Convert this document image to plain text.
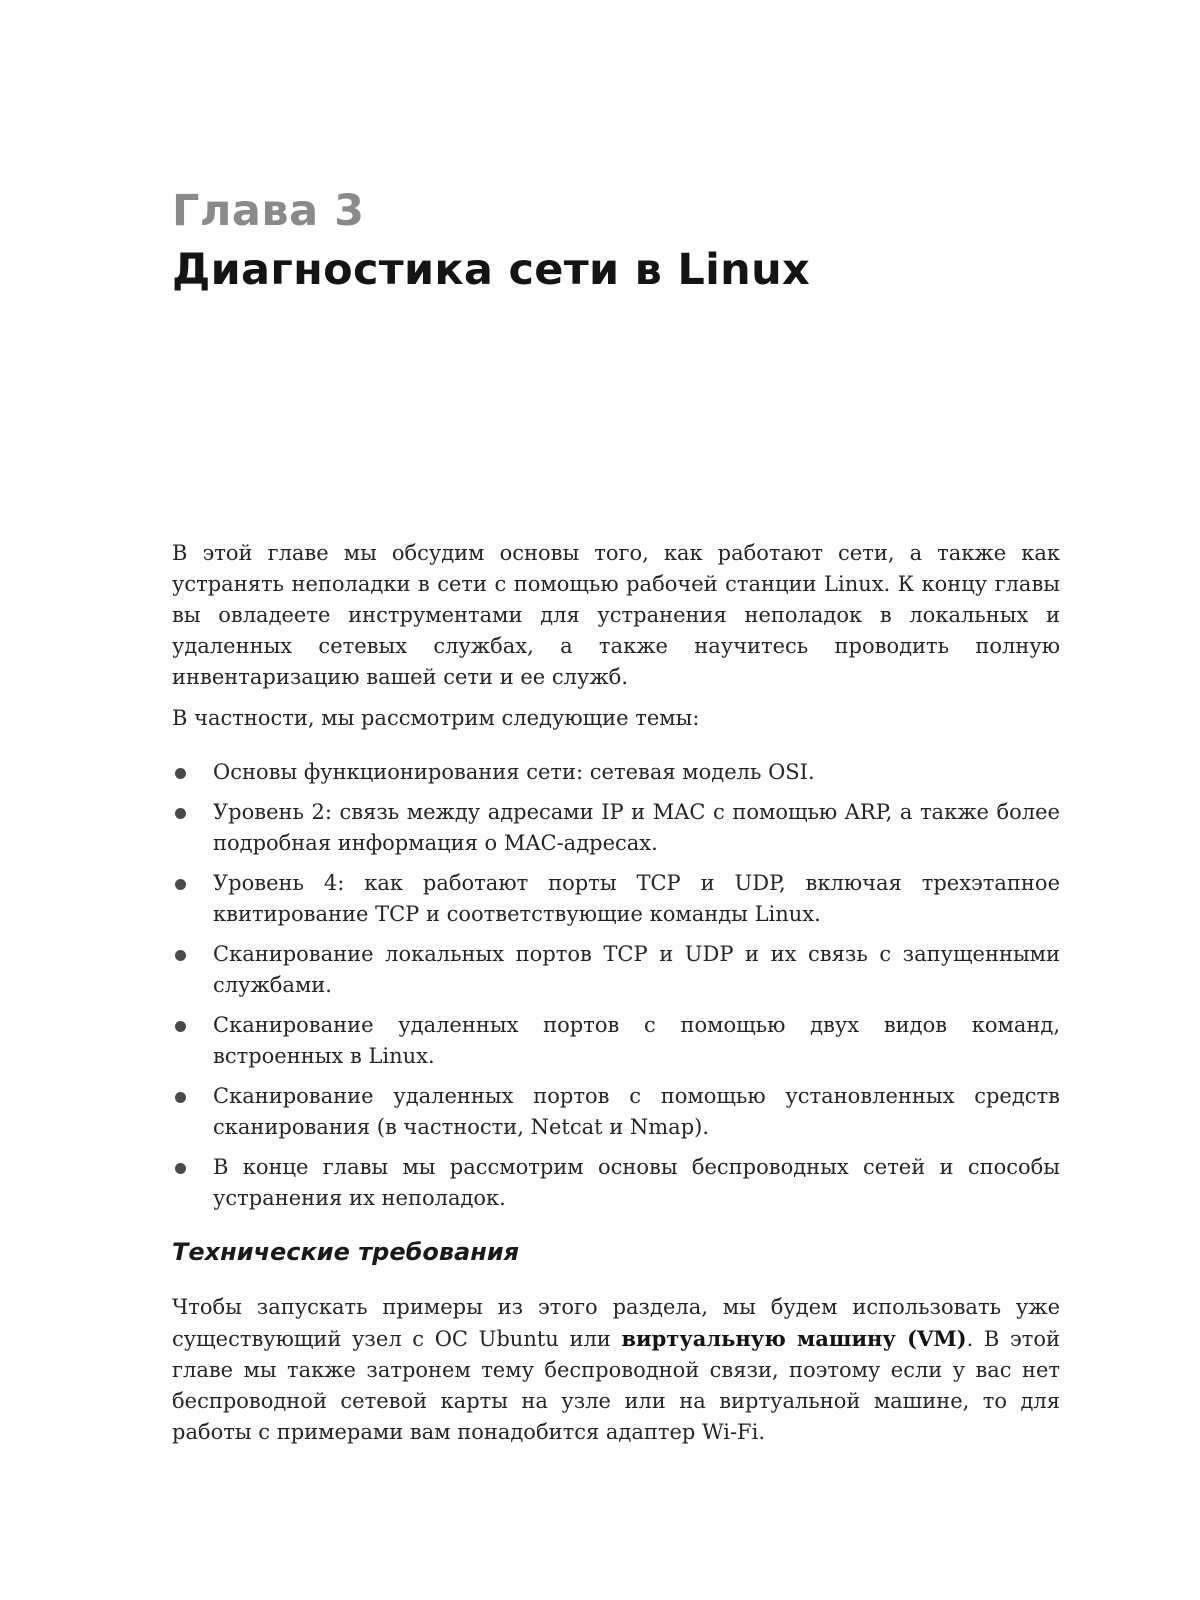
Глава 3
Диагностика сети в Linux

В этой главе мы обсудим основы того, как работают сети, а также как устранять неполадки в сети с помощью рабочей станции Linux. К концу главы вы овладеете инструментами для устранения неполадок в локальных и удаленных сетевых службах, а также научитесь проводить полную инвентаризацию вашей сети и ее служб.

В частности, мы рассмотрим следующие темы:

Основы функционирования сети: сетевая модель OSI.
Уровень 2: связь между адресами IP и MAC с помощью ARP, а также более подробная информация о MAC-адресах.
Уровень 4: как работают порты TCP и UDP, включая трехэтапное квитирование TCP и соответствующие команды Linux.
Сканирование локальных портов TCP и UDP и их связь с запущенными службами.
Сканирование удаленных портов с помощью двух видов команд, встроенных в Linux.
Сканирование удаленных портов с помощью установленных средств сканирования (в частности, Netcat и Nmap).
В конце главы мы рассмотрим основы беспроводных сетей и способы устранения их неполадок.
Технические требования

Чтобы запускать примеры из этого раздела, мы будем использовать уже существующий узел с ОС Ubuntu или виртуальную машину (VM). В этой главе мы также затронем тему беспроводной связи, поэтому если у вас нет беспроводной сетевой карты на узле или на виртуальной машине, то для работы с примерами вам понадобится адаптер Wi-Fi.
